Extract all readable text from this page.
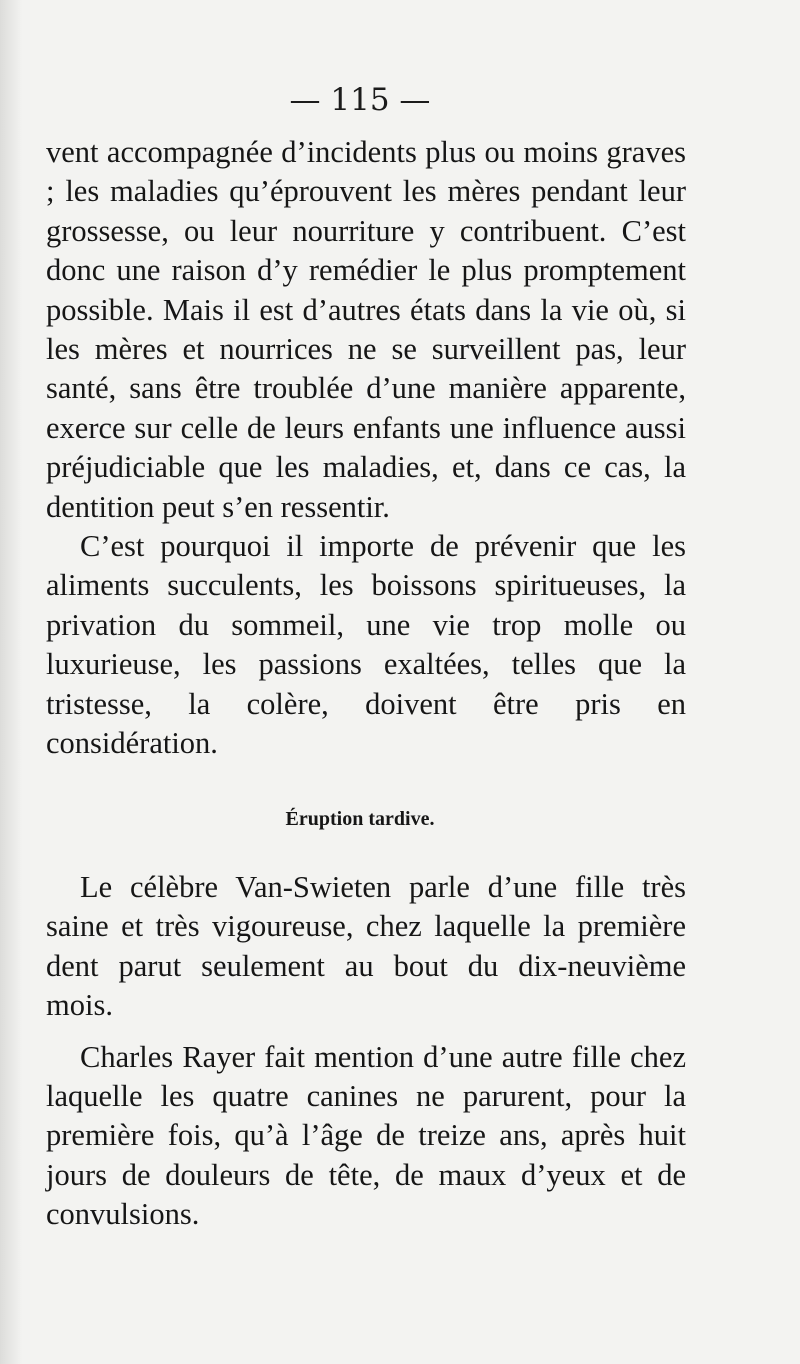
— 115 —

vent accompagnée d’incidents plus ou moins graves ; les maladies qu’éprouvent les mères pendant leur grossesse, ou leur nourriture y contribuent. C’est donc une raison d’y remédier le plus promptement possible. Mais il est d’autres états dans la vie où, si les mères et nourrices ne se surveillent pas, leur santé, sans être troublée d’une manière apparente, exerce sur celle de leurs enfants une influence aussi préjudiciable que les maladies, et, dans ce cas, la dentition peut s’en ressentir.

C’est pourquoi il importe de prévenir que les aliments succulents, les boissons spiritueuses, la privation du sommeil, une vie trop molle ou luxurieuse, les passions exaltées, telles que la tristesse, la colère, doivent être pris en considération.

Éruption tardive.

Le célèbre Van-Swieten parle d’une fille très saine et très vigoureuse, chez laquelle la première dent parut seulement au bout du dix-neuvième mois.

Charles Rayer fait mention d’une autre fille chez laquelle les quatre canines ne parurent, pour la première fois, qu’à l’âge de treize ans, après huit jours de douleurs de tête, de maux d’yeux et de convulsions.
